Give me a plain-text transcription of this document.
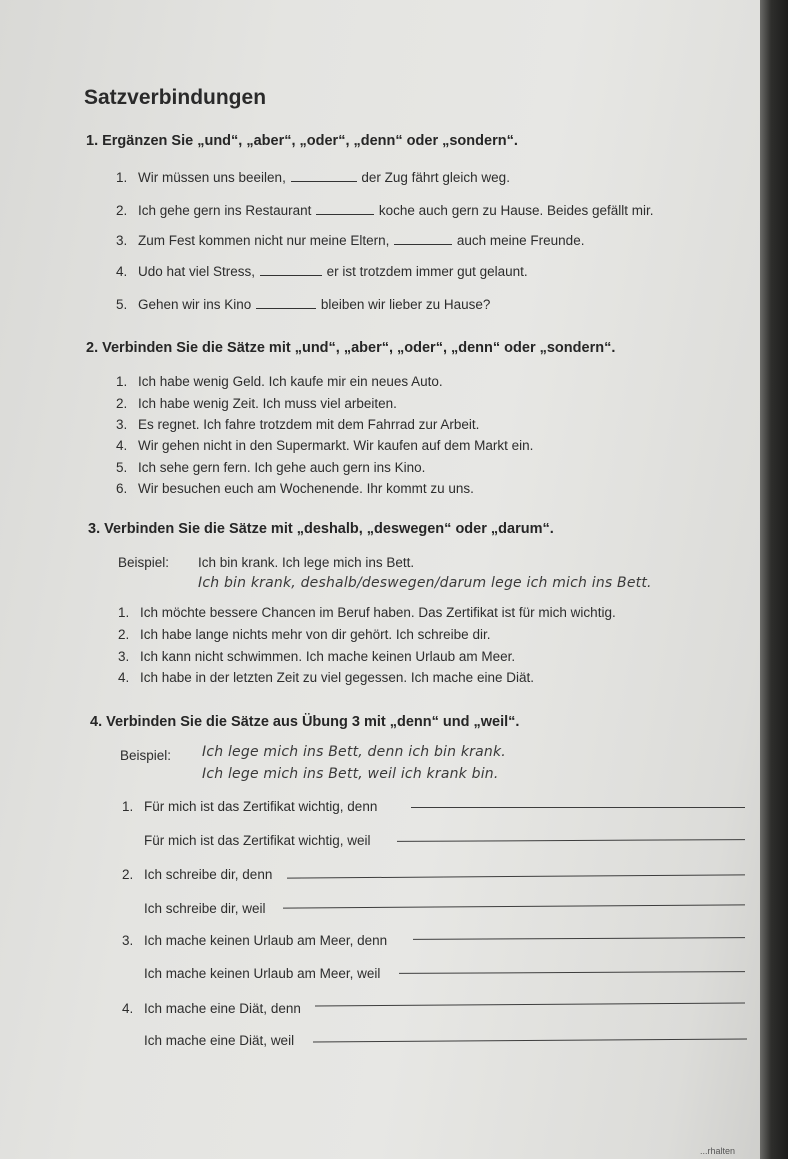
Satzverbindungen
1. Ergänzen Sie „und“, „aber“, „oder“, „denn“ oder „sondern“.
1. Wir müssen uns beeilen,	der Zug fährt gleich weg.
2. Ich gehe gern ins Restaurant	koche auch gern zu Hause. Beides gefällt mir.
3. Zum Fest kommen nicht nur meine Eltern,	auch meine Freunde.
4. Udo hat viel Stress,	er ist trotzdem immer gut gelaunt.
5. Gehen wir ins Kino	bleiben wir lieber zu Hause?
2. Verbinden Sie die Sätze mit „und“, „aber“, „oder“, „denn“ oder „sondern“.
1. Ich habe wenig Geld. Ich kaufe mir ein neues Auto.
2. Ich habe wenig Zeit. Ich muss viel arbeiten.
3. Es regnet. Ich fahre trotzdem mit dem Fahrrad zur Arbeit.
4. Wir gehen nicht in den Supermarkt. Wir kaufen auf dem Markt ein.
5. Ich sehe gern fern. Ich gehe auch gern ins Kino.
6. Wir besuchen euch am Wochenende. Ihr kommt zu uns.
3. Verbinden Sie die Sätze mit „deshalb, „deswegen“ oder „darum“.
Beispiel: Ich bin krank. Ich lege mich ins Bett.
Ich bin krank, deshalb/deswegen/darum lege ich mich ins Bett.
1. Ich möchte bessere Chancen im Beruf haben. Das Zertifikat ist für mich wichtig.
2. Ich habe lange nichts mehr von dir gehört. Ich schreibe dir.
3. Ich kann nicht schwimmen. Ich mache keinen Urlaub am Meer.
4. Ich habe in der letzten Zeit zu viel gegessen. Ich mache eine Diät.
4. Verbinden Sie die Sätze aus Übung 3 mit „denn“ und „weil“.
Beispiel: Ich lege mich ins Bett, denn ich bin krank.
Ich lege mich ins Bett, weil ich krank bin.
1. Für mich ist das Zertifikat wichtig, denn
Für mich ist das Zertifikat wichtig, weil
2. Ich schreibe dir, denn
Ich schreibe dir, weil
3. Ich mache keinen Urlaub am Meer, denn
Ich mache keinen Urlaub am Meer, weil
4. Ich mache eine Diät, denn
Ich mache eine Diät, weil
...rhalten
